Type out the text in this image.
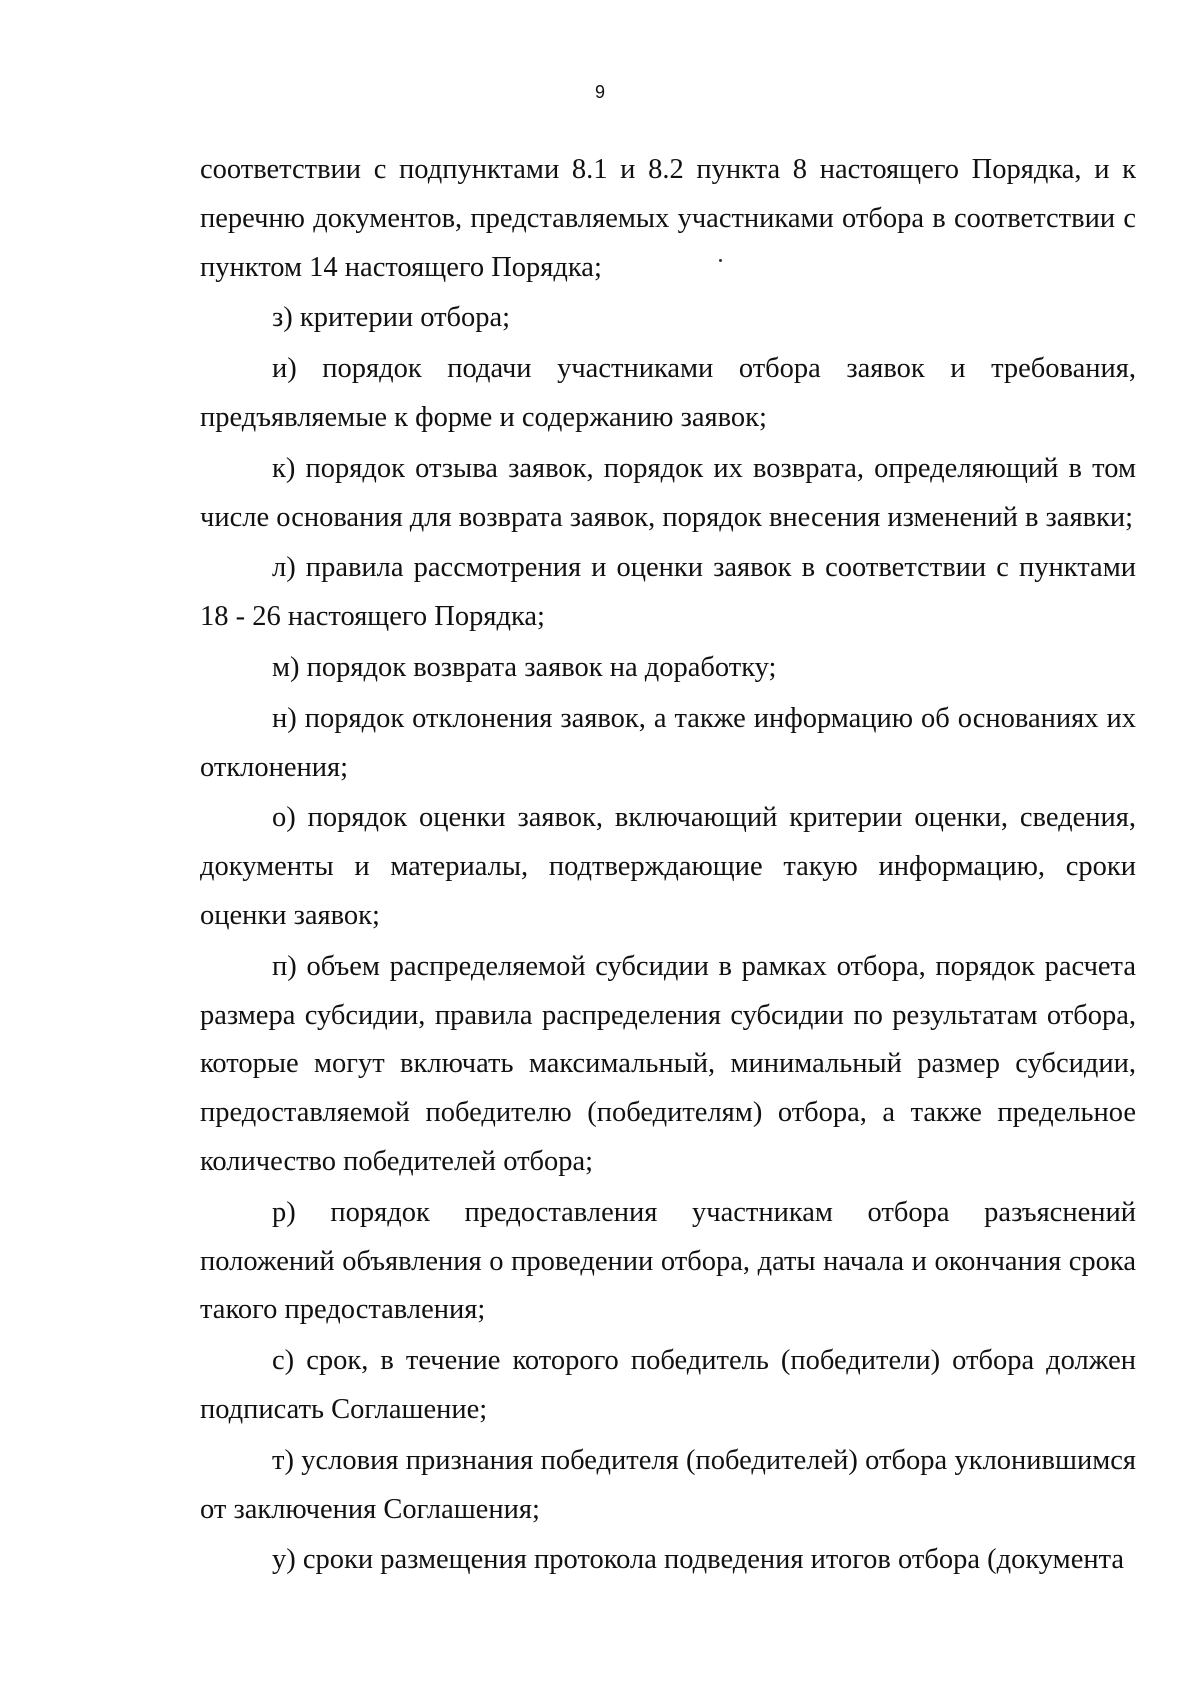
9

соответствии с подпунктами 8.1 и 8.2 пункта 8 настоящего Порядка, и к перечню документов, представляемых участниками отбора в соответствии с пунктом 14 настоящего Порядка;

з) критерии отбора;

и) порядок подачи участниками отбора заявок и требования, предъявляемые к форме и содержанию заявок;

к) порядок отзыва заявок, порядок их возврата, определяющий в том числе основания для возврата заявок, порядок внесения изменений в заявки;

л) правила рассмотрения и оценки заявок в соответствии с пунктами 18 - 26 настоящего Порядка;

м) порядок возврата заявок на доработку;

н) порядок отклонения заявок, а также информацию об основаниях их отклонения;

о) порядок оценки заявок, включающий критерии оценки, сведения, документы и материалы, подтверждающие такую информацию, сроки оценки заявок;

п) объем распределяемой субсидии в рамках отбора, порядок расчета размера субсидии, правила распределения субсидии по результатам отбора, которые могут включать максимальный, минимальный размер субсидии, предоставляемой победителю (победителям) отбора, а также предельное количество победителей отбора;

р) порядок предоставления участникам отбора разъяснений положений объявления о проведении отбора, даты начала и окончания срока такого предоставления;

с) срок, в течение которого победитель (победители) отбора должен подписать Соглашение;

т) условия признания победителя (победителей) отбора уклонившимся от заключения Соглашения;

у) сроки размещения протокола подведения итогов отбора (документа
